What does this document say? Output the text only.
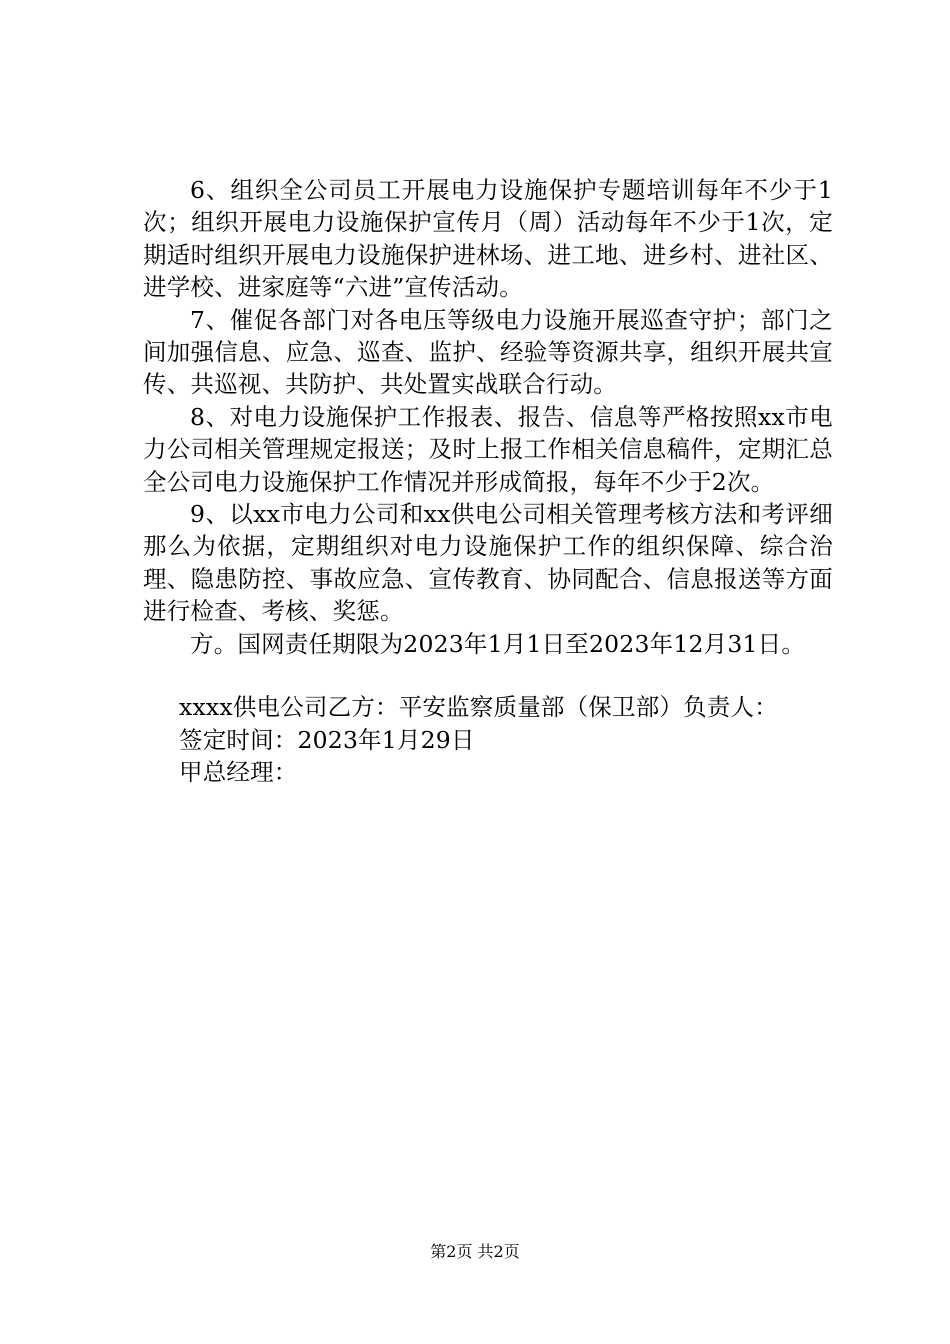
6、组织全公司员工开展电力设施保护专题培训每年不少于1次；组织开展电力设施保护宣传月（周）活动每年不少于1次，定期适时组织开展电力设施保护进林场、进工地、进乡村、进社区、进学校、进家庭等“六进”宣传活动。

7、催促各部门对各电压等级电力设施开展巡查守护；部门之间加强信息、应急、巡查、监护、经验等资源共享，组织开展共宣传、共巡视、共防护、共处置实战联合行动。

8、对电力设施保护工作报表、报告、信息等严格按照xx市电力公司相关管理规定报送；及时上报工作相关信息稿件，定期汇总全公司电力设施保护工作情况并形成简报，每年不少于2次。

9、以xx市电力公司和xx供电公司相关管理考核方法和考评细那么为依据，定期组织对电力设施保护工作的组织保障、综合治理、隐患防控、事故应急、宣传教育、协同配合、信息报送等方面进行检查、考核、奖惩。

方。国网责任期限为2023年1月1日至2023年12月31日。

xxxx供电公司乙方：平安监察质量部（保卫部）负责人：
签定时间：2023年1月29日
甲总经理：
第2页 共2页
